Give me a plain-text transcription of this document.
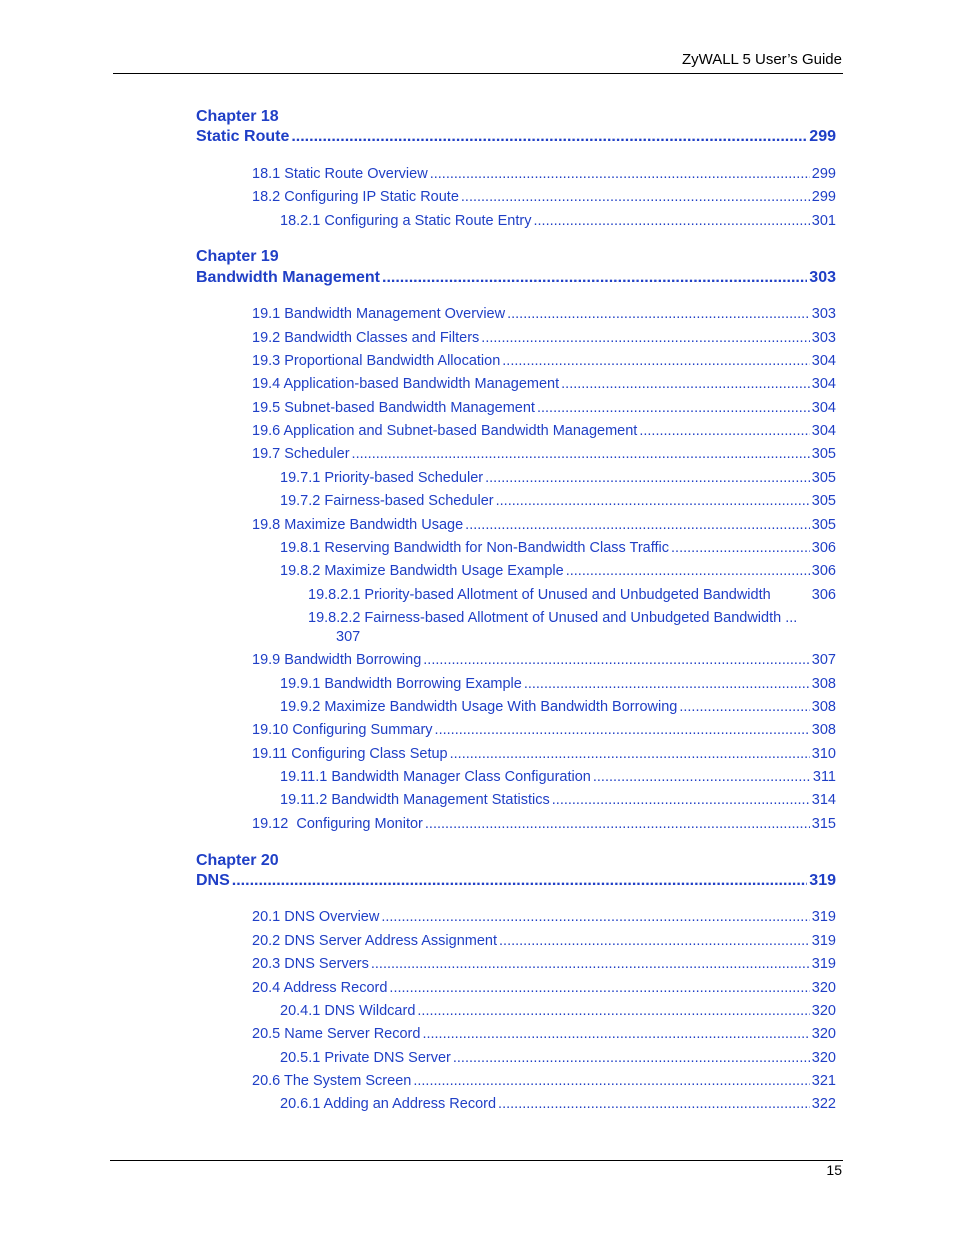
ZyWALL 5 User’s Guide
Chapter 18
Static Route .....	299
18.1 Static Route Overview .....	299
18.2 Configuring IP Static Route .....	299
18.2.1 Configuring a Static Route Entry .....	301
Chapter 19
Bandwidth Management .....	303
19.1 Bandwidth Management Overview .....	303
19.2 Bandwidth Classes and Filters .....	303
19.3 Proportional Bandwidth Allocation .....	304
19.4 Application-based Bandwidth Management .....	304
19.5 Subnet-based Bandwidth Management .....	304
19.6 Application and Subnet-based Bandwidth Management .....	304
19.7 Scheduler .....	305
19.7.1 Priority-based Scheduler .....	305
19.7.2 Fairness-based Scheduler .....	305
19.8 Maximize Bandwidth Usage .....	305
19.8.1 Reserving Bandwidth for Non-Bandwidth Class Traffic .....	306
19.8.2 Maximize Bandwidth Usage Example .....	306
19.8.2.1 Priority-based Allotment of Unused and Unbudgeted Bandwidth	306
19.8.2.2 Fairness-based Allotment of Unused and Unbudgeted Bandwidth ...
307
19.9 Bandwidth Borrowing .....	307
19.9.1 Bandwidth Borrowing Example .....	308
19.9.2 Maximize Bandwidth Usage With Bandwidth Borrowing .....	308
19.10 Configuring Summary .....	308
19.11 Configuring Class Setup .....	310
19.11.1 Bandwidth Manager Class Configuration .....	311
19.11.2 Bandwidth Management Statistics .....	314
19.12  Configuring Monitor .....	315
Chapter 20
DNS .....	319
20.1 DNS Overview .....	319
20.2 DNS Server Address Assignment .....	319
20.3 DNS Servers .....	319
20.4 Address Record .....	320
20.4.1 DNS Wildcard .....	320
20.5 Name Server Record .....	320
20.5.1 Private DNS Server .....	320
20.6 The System Screen .....	321
20.6.1 Adding an Address Record .....	322
15
